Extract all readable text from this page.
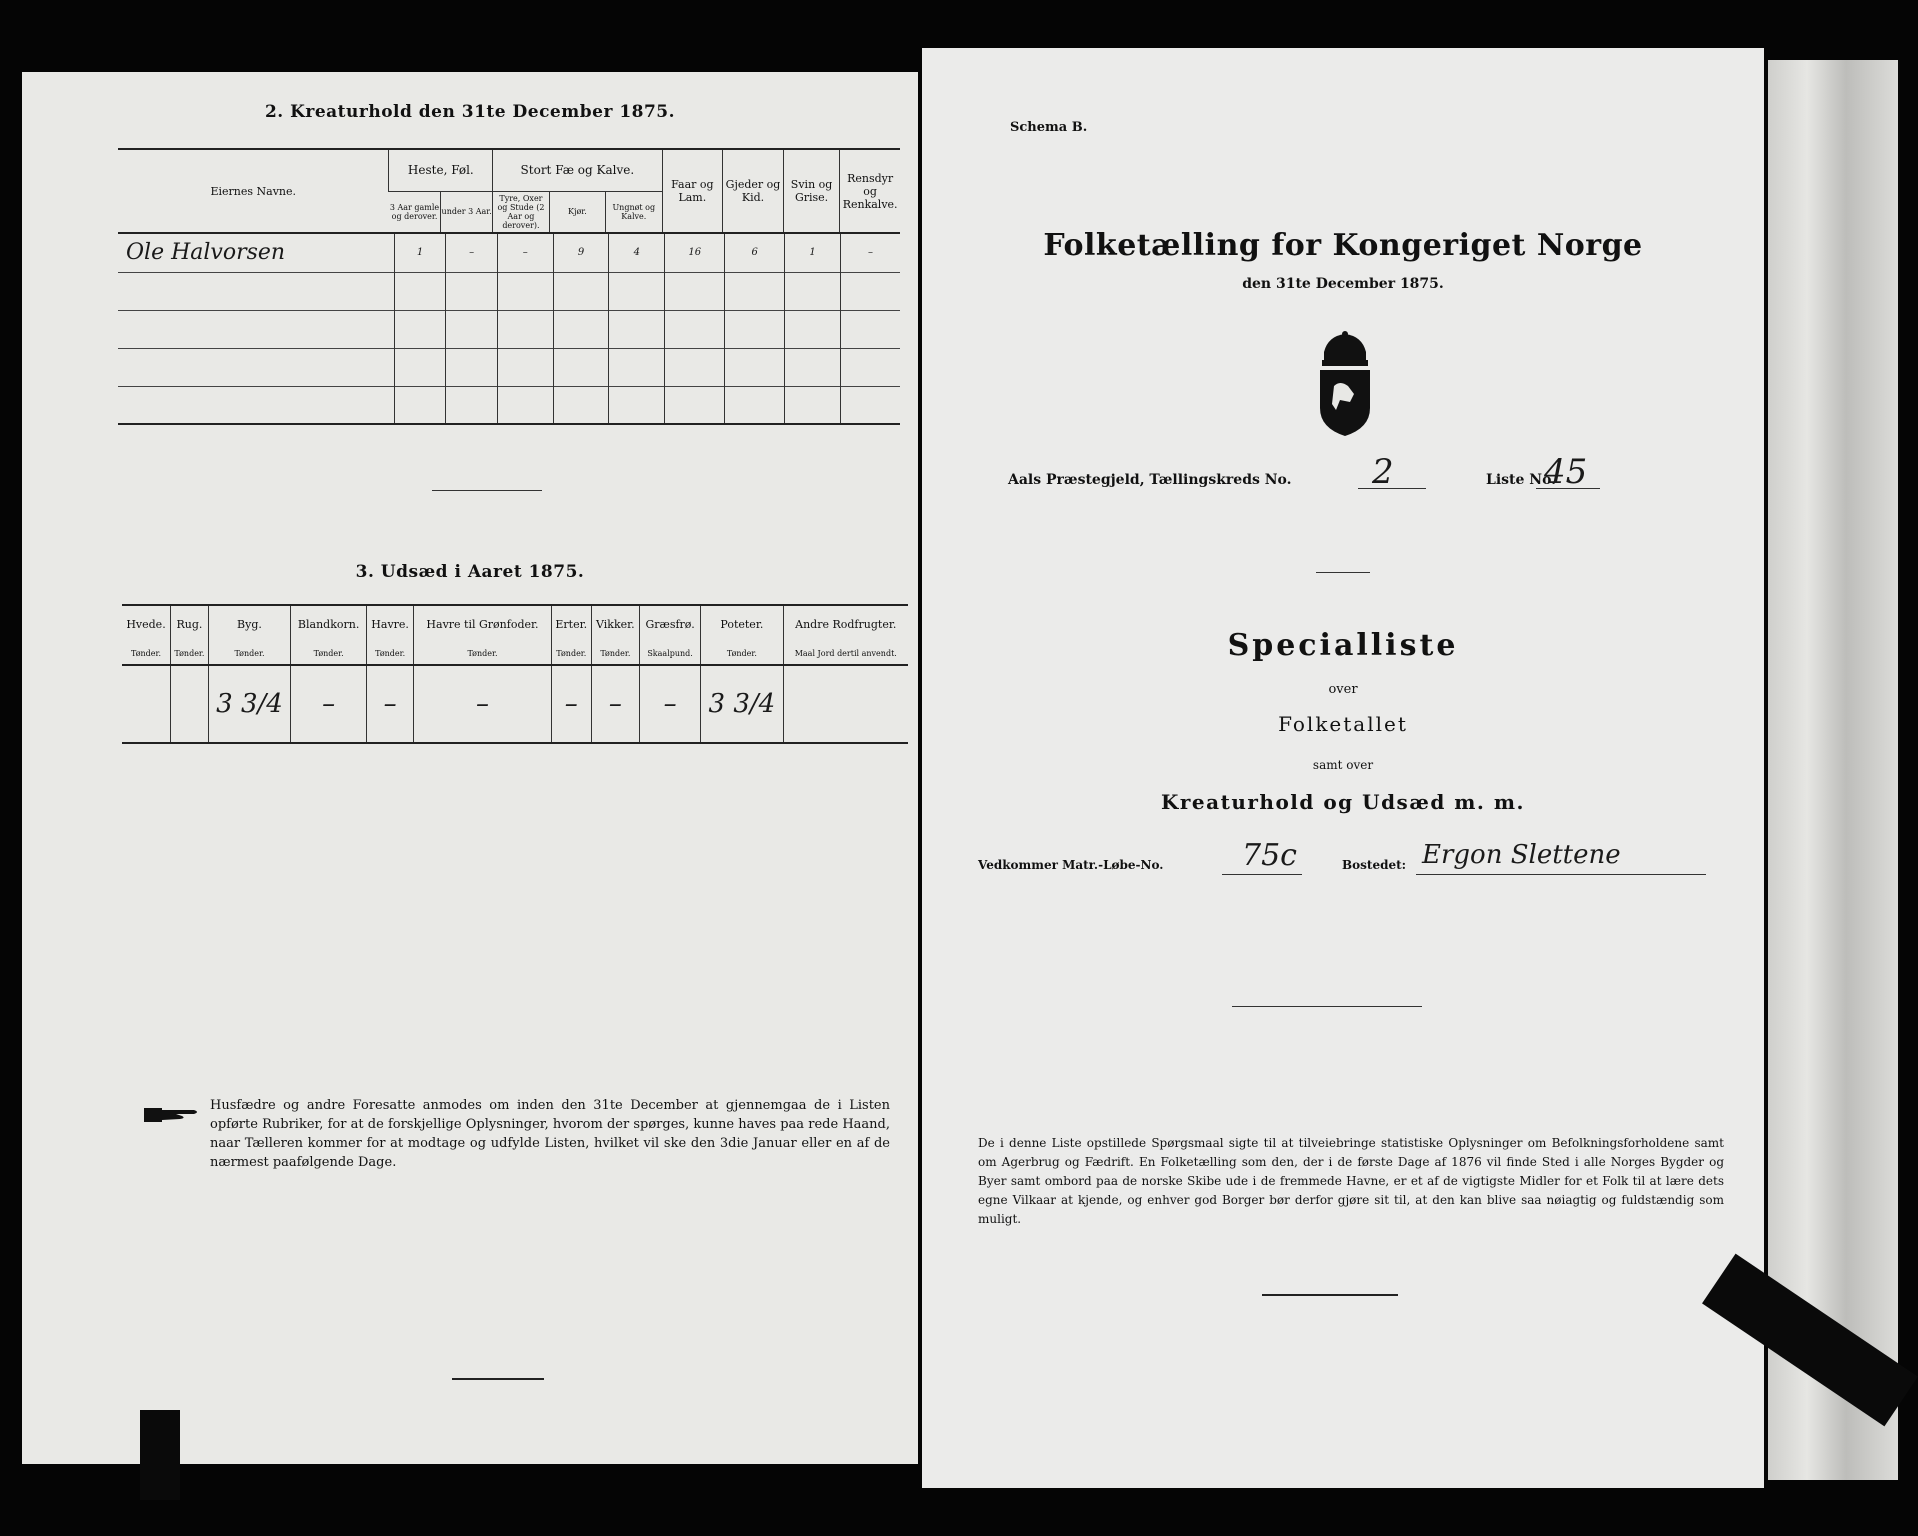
2. Kreaturhold den 31te December 1875.
Eiernes Navne.	Heste, Føl.		Stort Fæ og Kalve.			Faar og Lam.	Gjeder og Kid.	Svin og Grise.	Rensdyr og Renkalve.
	3 Aar gamle og derover.	under 3 Aar.	Tyre, Oxer og Stude (2 Aar og derover).	Kjør.	Ungnøt og Kalve.				
Ole Halvorsen	1	–	–	9	4	16	6	1	–

3. Udsæd i Aaret 1875.
Hvede.	Rug.	Byg.	Blandkorn.	Havre.	Havre til Grønfoder.	Erter.	Vikker.	Græsfrø.	Poteter.	Andre Rodfrugter.
Tønder.	Tønder.	Tønder.	Tønder.	Tønder.	Tønder.	Tønder.	Tønder.	Skaalpund.	Tønder.	Maal Jord dertil anvendt.
		3 3/4	–	–	–	–	–	–	3 3/4	
Husfædre og andre Foresatte anmodes om inden den 31te December at gjennemgaa de i Listen opførte Rubriker, for at de forskjellige Oplysninger, hvorom der spørges, kunne haves paa rede Haand, naar Tælleren kommer for at modtage og udfylde Listen, hvilket vil ske den 3die Januar eller en af de nærmest paafølgende Dage.
Schema B.
Folketælling for Kongeriget Norge
den 31te December 1875.
Aals Præstegjeld, Tællingskreds No. 2	Liste No.
45
Specialliste
over
Folketallet
samt over
Kreaturhold og Udsæd m. m.
Vedkommer Matr.-Løbe-No.	75c	Bostedet: Ergon Slettene
De i denne Liste opstillede Spørgsmaal sigte til at tilveiebringe statistiske Oplysninger om Befolkningsforholdene samt om Agerbrug og Fædrift. En Folketælling som den, der i de første Dage af 1876 vil finde Sted i alle Norges Bygder og Byer samt ombord paa de norske Skibe ude i de fremmede Havne, er et af de vigtigste Midler for et Folk til at lære dets egne Vilkaar at kjende, og enhver god Borger bør derfor gjøre sit til, at den kan blive saa nøiagtig og fuldstændig som muligt.
